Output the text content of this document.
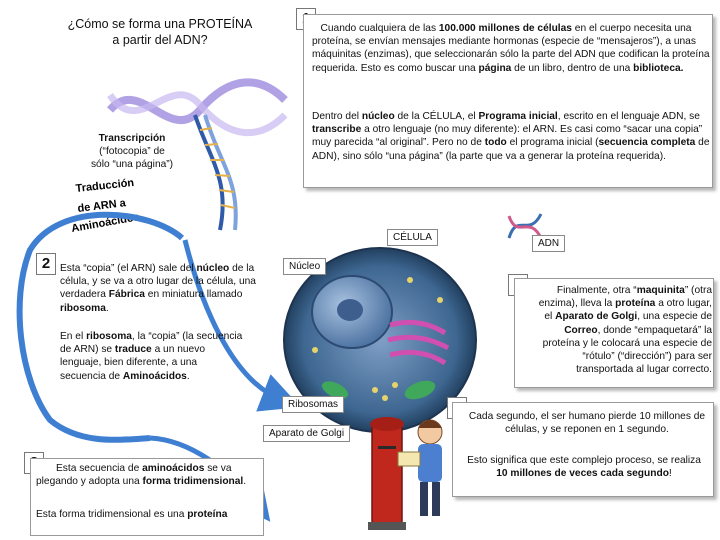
¿Cómo se forma una PROTEÍNA
a partir del ADN?
Transcripción
(“fotocopia” de
sólo “una página”)
Traducción
de ARN a
Aminoácidos
Cuando cualquiera de las 100.000 millones de células en el cuerpo necesita una proteína, se envían mensajes mediante hormonas (especie de “mensajeros”), a unas máquinitas (enzimas), que seleccionarán sólo la parte del ADN que codifican la proteína requerida. Esto es como buscar una página de un libro, dentro de una biblioteca.
Dentro del núcleo de la CÉLULA, el Programa inicial, escrito en el lenguaje ADN, se transcribe a otro lenguaje (no muy diferente): el ARN. Es casi como “sacar una copia” muy parecida “al original”. Pero no de todo el programa inicial (secuencia completa de ADN), sino sólo “una página” (la parte que va a generar la proteína requerida).
CÉLULA
ADN
Núcleo
Ribosomas
Aparato de Golgi
2 Esta “copia” (el ARN) sale del núcleo de la célula, y se va a otro lugar de la célula, una verdadera Fábrica en miniatura llamado ribosoma.
En el ribosoma, la “copia” (la secuencia de ARN) se traduce a un nuevo lenguaje, bien diferente, a una secuencia de Aminoácidos.
Esta secuencia de aminoácidos se va plegando y adopta una forma tridimensional.
Esta forma tridimensional es una proteína
Finalmente, otra “maquinita” (otra enzima), lleva la proteína a otro lugar, el Aparato de Golgi, una especie de Correo, donde “empaquetará” la proteína y le colocará una especie de “rótulo” (“dirección”) para ser transportada al lugar correcto.
Cada segundo, el ser humano pierde 10 millones de células, y se reponen en 1 segundo.
Esto significa que este complejo proceso, se realiza 10 millones de veces cada segundo!
